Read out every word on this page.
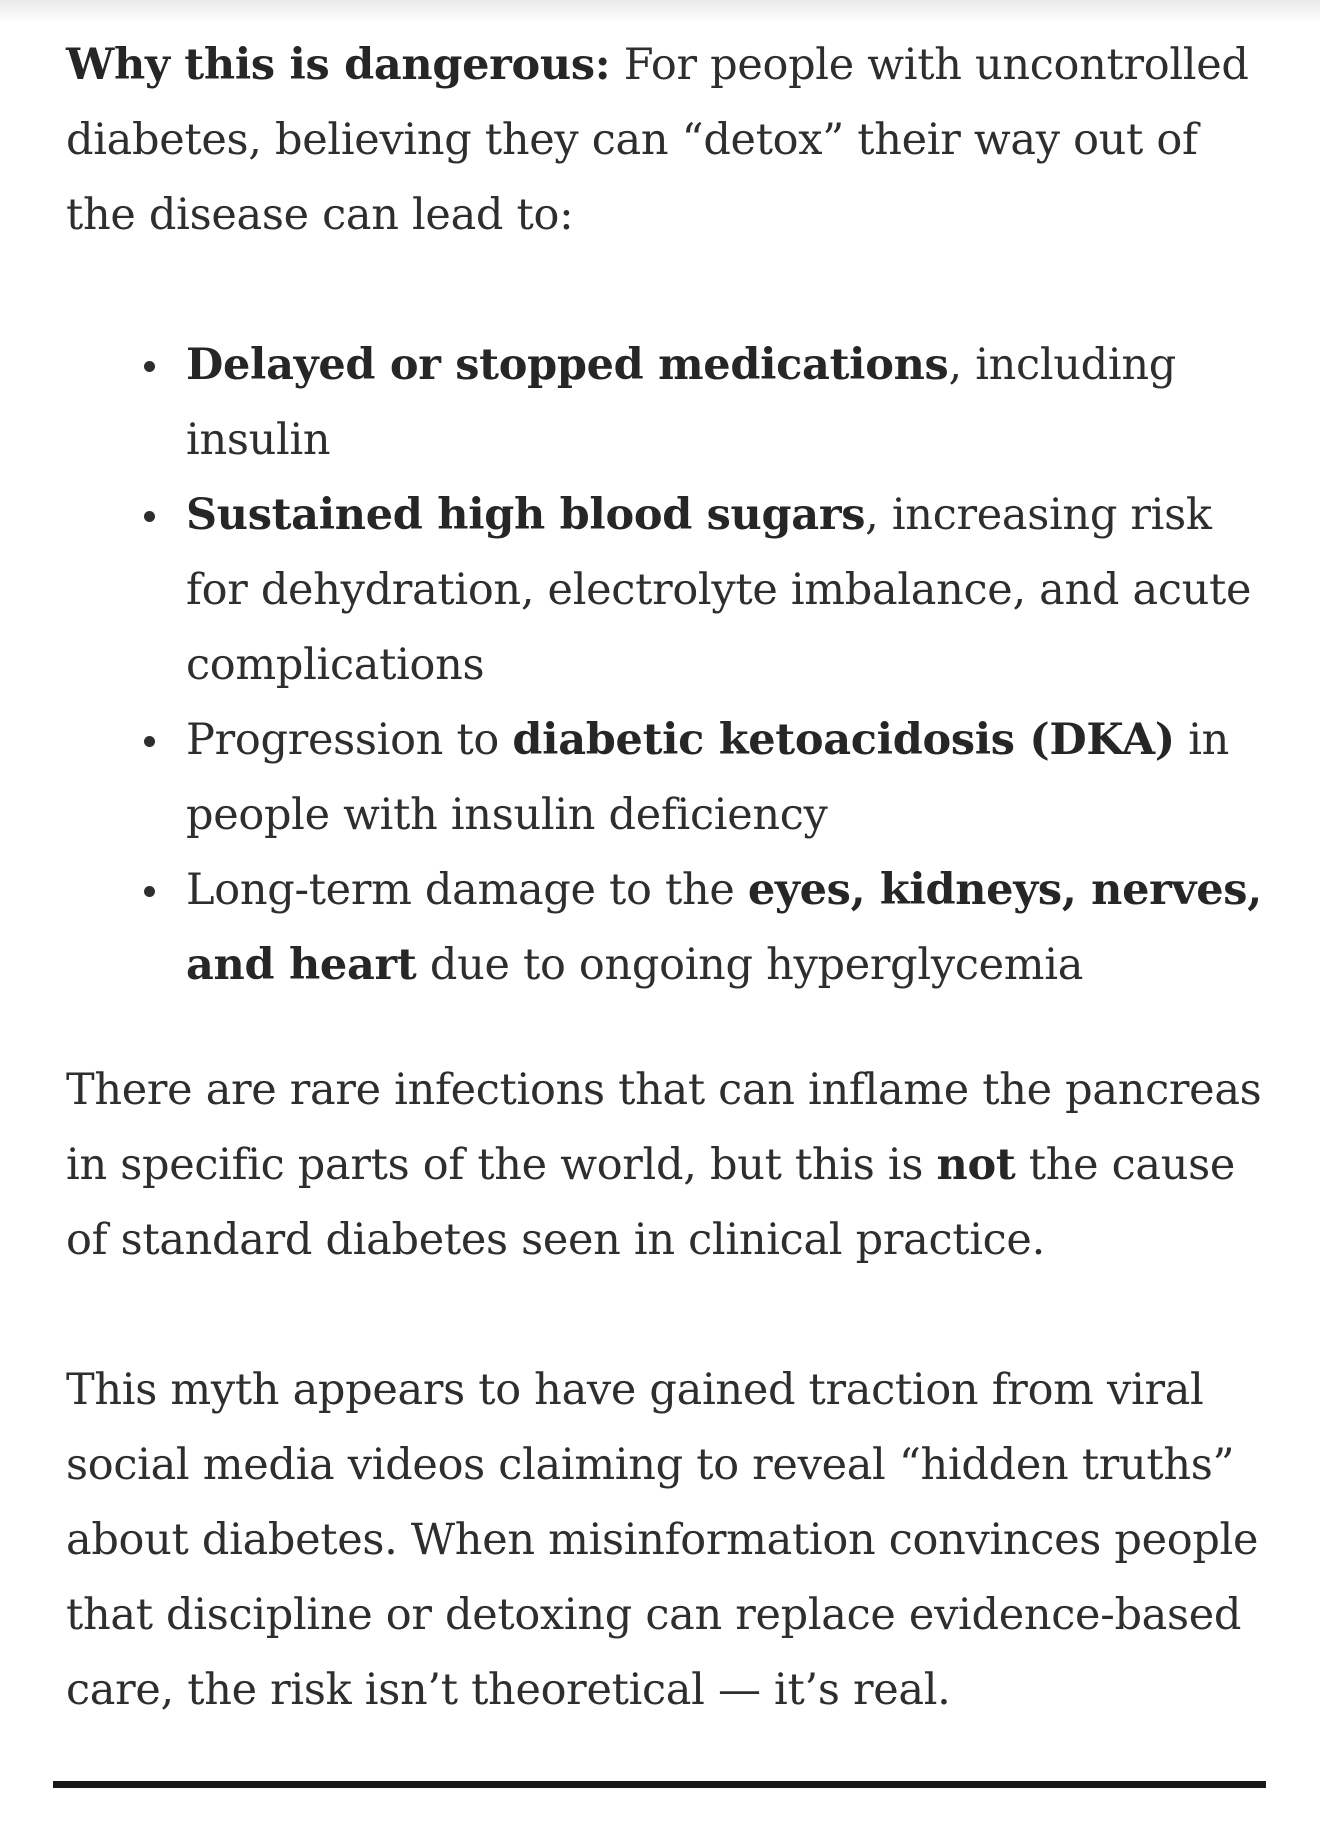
Why this is dangerous: For people with uncontrolled diabetes, believing they can “detox” their way out of the disease can lead to:

Delayed or stopped medications, including insulin
Sustained high blood sugars, increasing risk for dehydration, electrolyte imbalance, and acute complications
Progression to diabetic ketoacidosis (DKA) in people with insulin deficiency
Long-term damage to the eyes, kidneys, nerves, and heart due to ongoing hyperglycemia

There are rare infections that can inflame the pancreas in specific parts of the world, but this is not the cause of standard diabetes seen in clinical practice.

This myth appears to have gained traction from viral social media videos claiming to reveal “hidden truths” about diabetes. When misinformation convinces people that discipline or detoxing can replace evidence-based care, the risk isn’t theoretical — it’s real.
